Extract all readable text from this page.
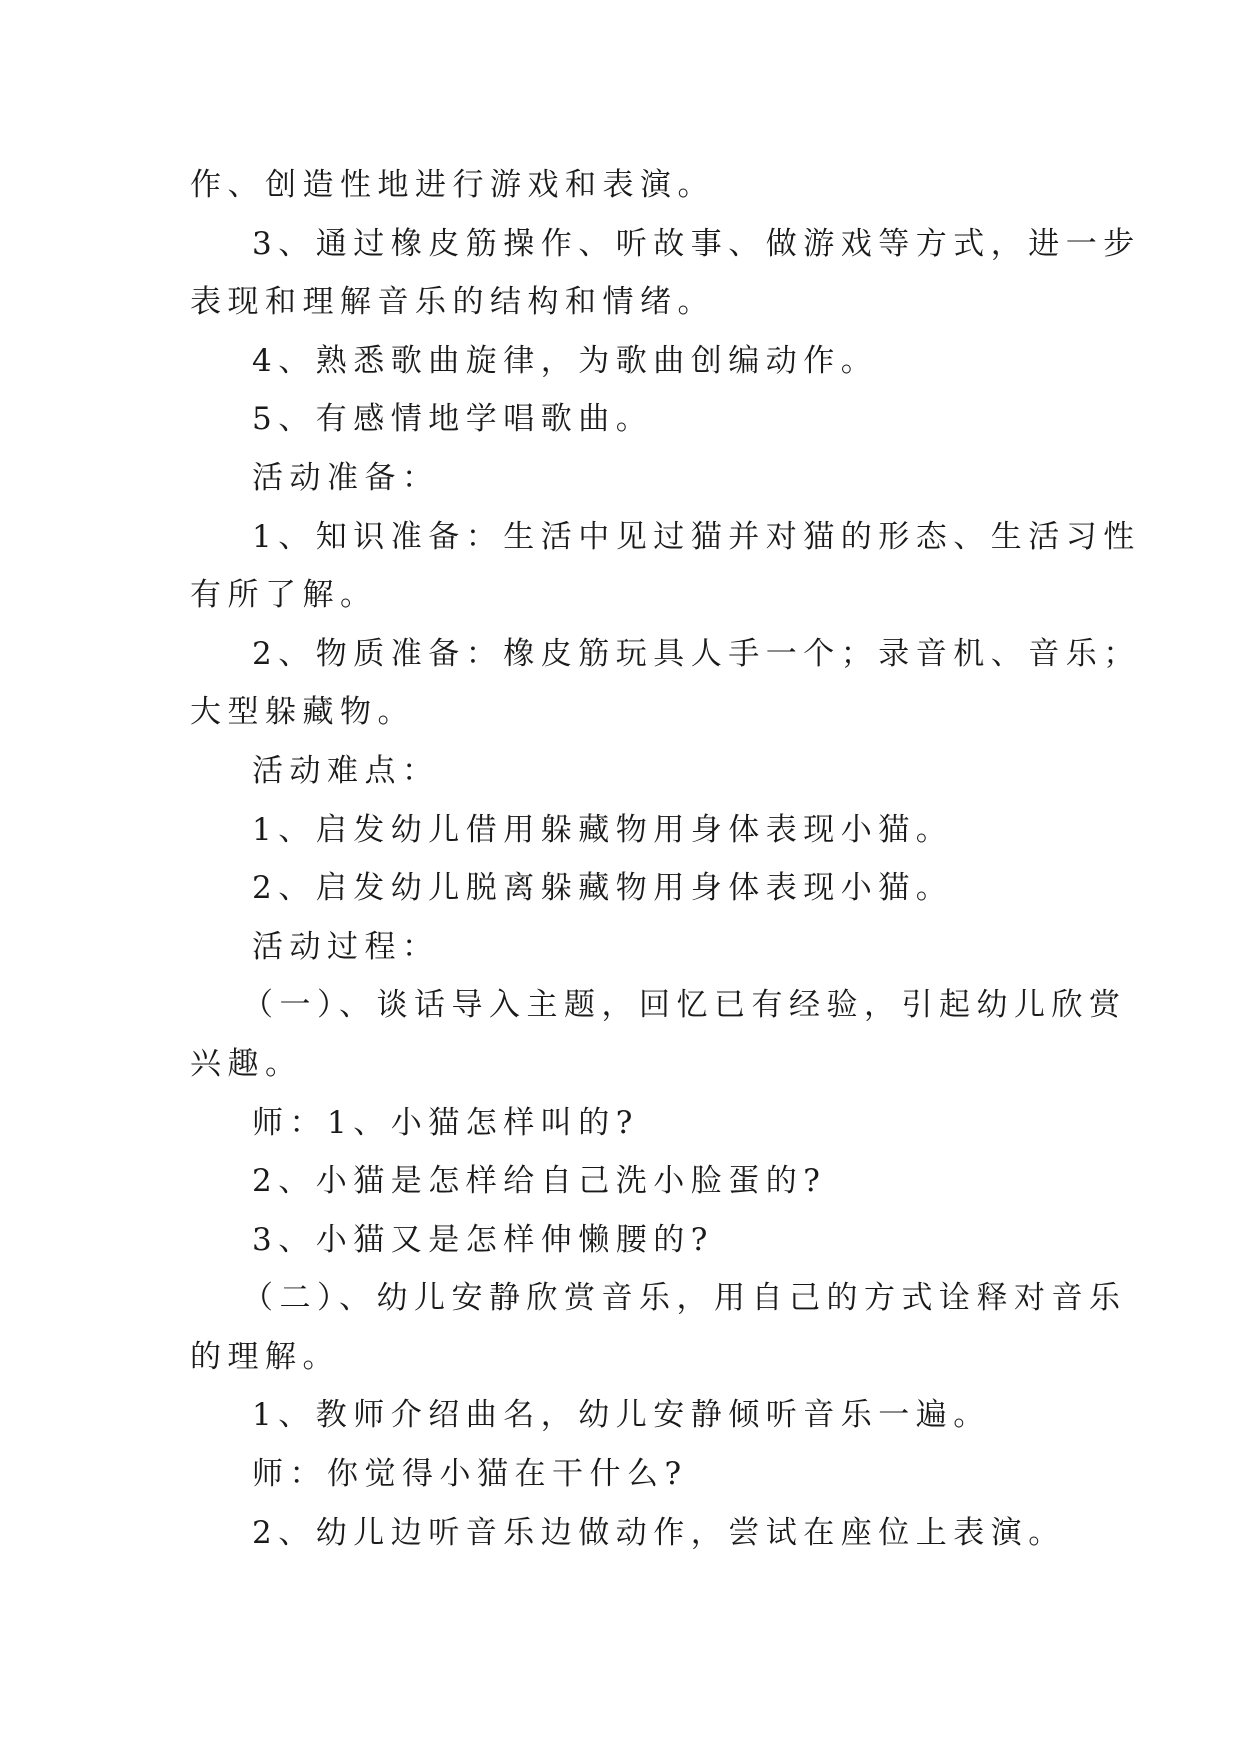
作、创造性地进行游戏和表演。

3、通过橡皮筋操作、听故事、做游戏等方式，进一步

表现和理解音乐的结构和情绪。

4、熟悉歌曲旋律，为歌曲创编动作。

5、有感情地学唱歌曲。

活动准备：

1、知识准备：生活中见过猫并对猫的形态、生活习性

有所了解。

2、物质准备：橡皮筋玩具人手一个；录音机、音乐；

大型躲藏物。

活动难点：

1、启发幼儿借用躲藏物用身体表现小猫。

2、启发幼儿脱离躲藏物用身体表现小猫。

活动过程：

（一）、谈话导入主题，回忆已有经验，引起幼儿欣赏

兴趣。

师：1、小猫怎样叫的?

2、小猫是怎样给自己洗小脸蛋的?

3、小猫又是怎样伸懒腰的?

（二）、幼儿安静欣赏音乐，用自己的方式诠释对音乐

的理解。

1、教师介绍曲名，幼儿安静倾听音乐一遍。

师：你觉得小猫在干什么?

2、幼儿边听音乐边做动作，尝试在座位上表演。
